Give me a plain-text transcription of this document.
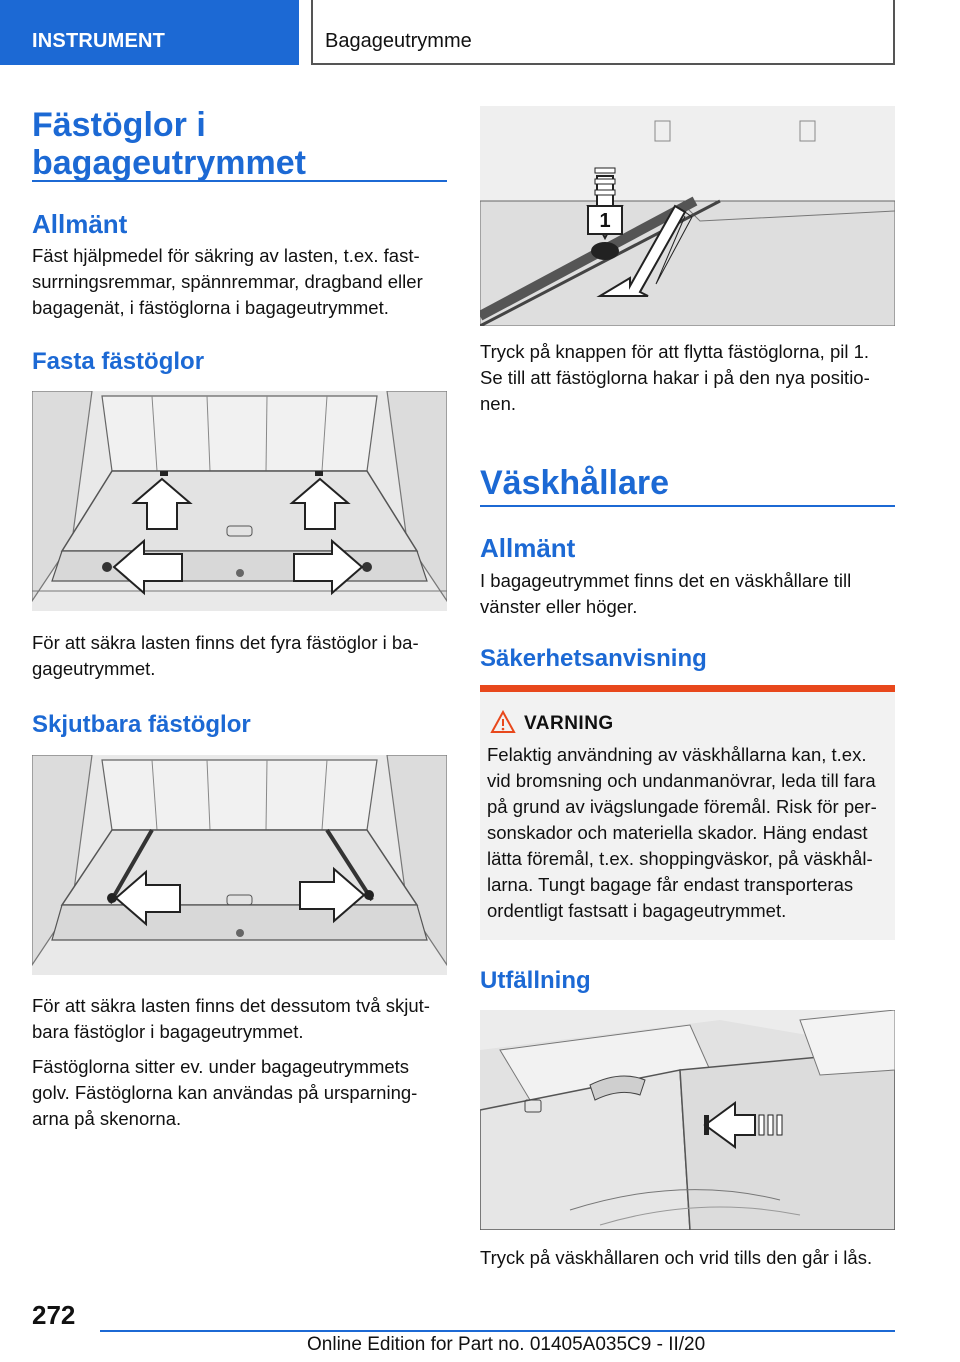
INSTRUMENT	Bagageutrymme
Fästöglor i
bagageutrymmet
Allmänt
Fäst hjälpmedel för säkring av lasten, t.ex. fast-
surrningsremmar, spännremmar, dragband eller
bagagenät, i fästöglorna i bagageutrymmet.
Fasta fästöglor
För att säkra lasten finns det fyra fästöglor i ba-
gageutrymmet.
Skjutbara fästöglor
För att säkra lasten finns det dessutom två skjut-
bara fästöglor i bagageutrymmet.
Fästöglorna sitter ev. under bagageutrymmets
golv. Fästöglorna kan användas på ursparning-
arna på skenorna.
1
Tryck på knappen för att flytta fästöglorna, pil 1.
Se till att fästöglorna hakar i på den nya positio-
nen.
Väskhållare
Allmänt
I bagageutrymmet finns det en väskhållare till
vänster eller höger.
Säkerhetsanvisning
VARNING
Felaktig användning av väskhållarna kan, t.ex.
vid bromsning och undanmanövrar, leda till fara
på grund av ivägslungade föremål. Risk för per-
sonskador och materiella skador. Häng endast
lätta föremål, t.ex. shoppingväskor, på väskhål-
larna. Tungt bagage får endast transporteras
ordentligt fastsatt i bagageutrymmet.
Utfällning
Tryck på väskhållaren och vrid tills den går i lås.
272
Online Edition for Part no. 01405A035C9 - II/20
